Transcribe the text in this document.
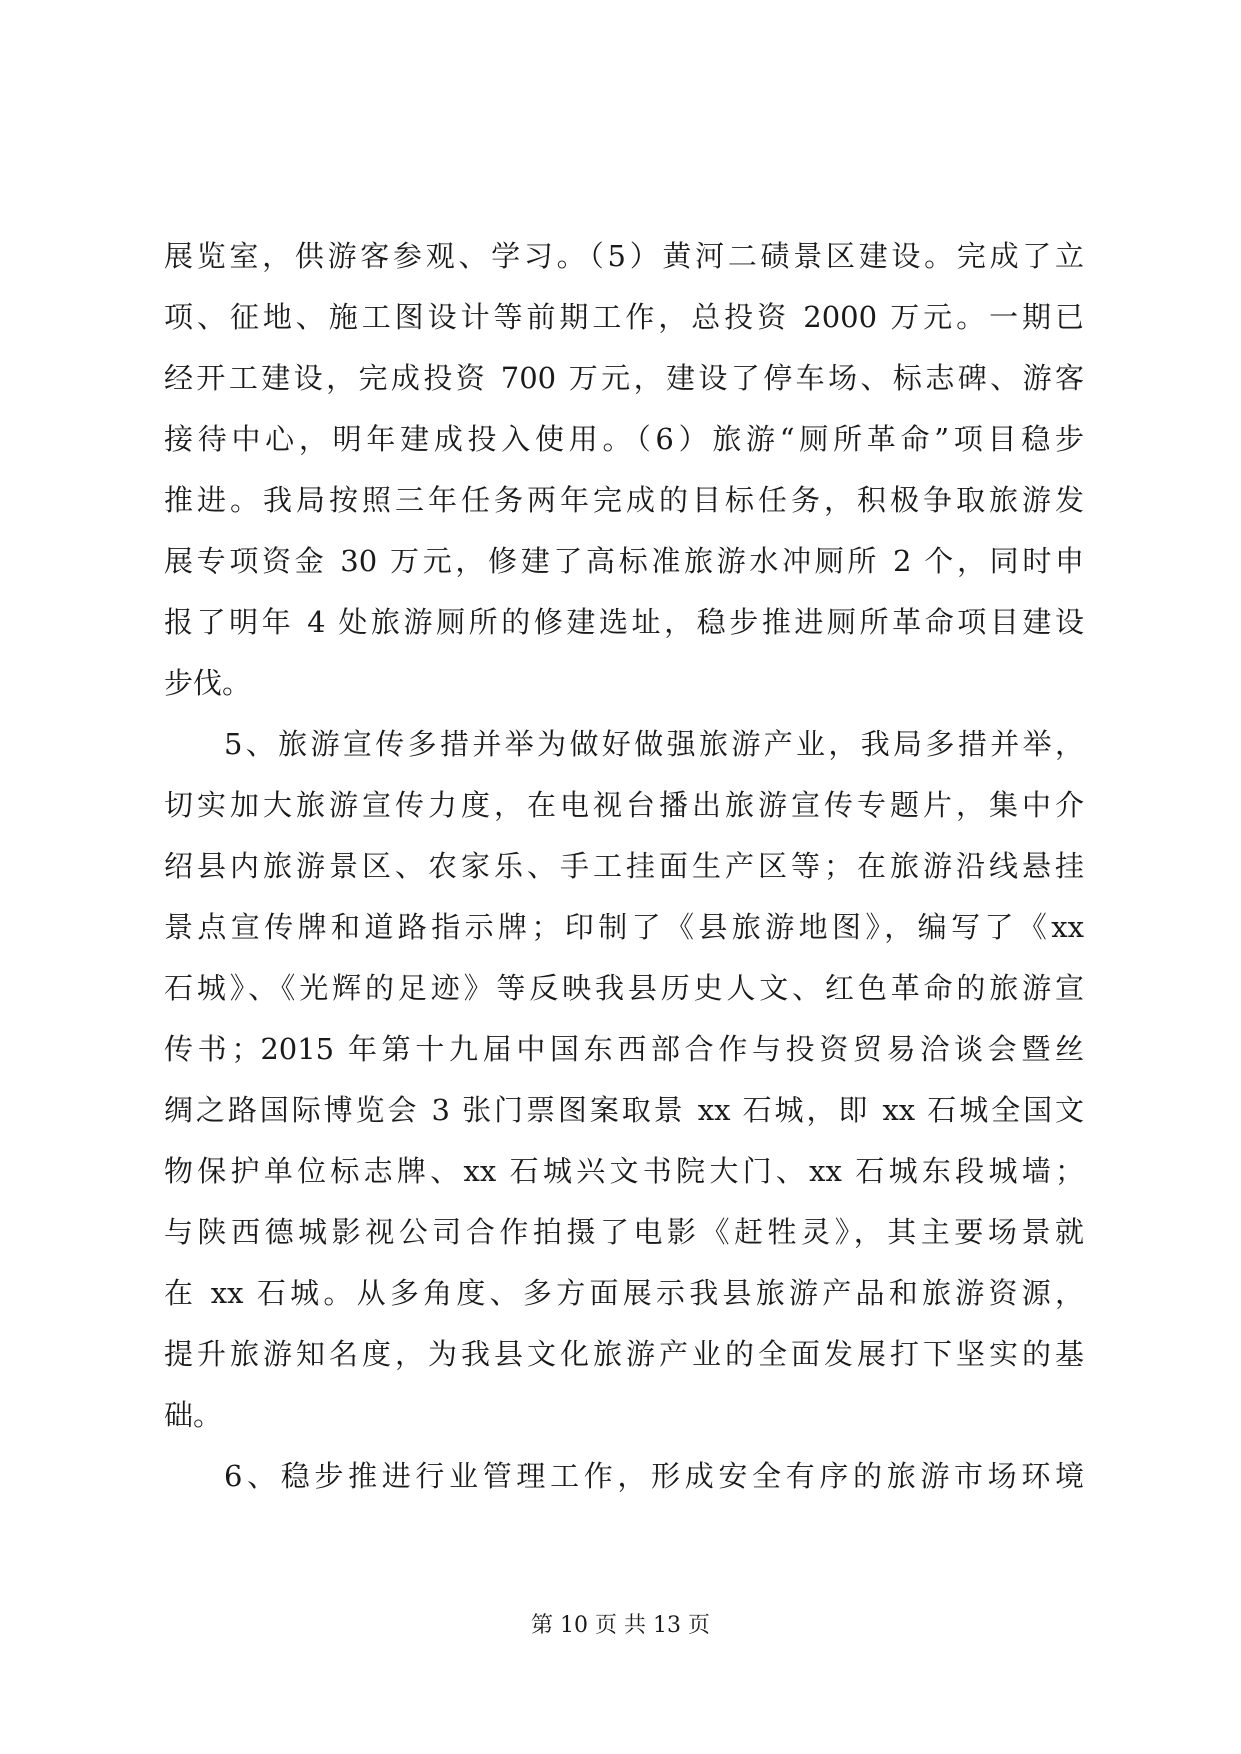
展览室，供游客参观、学习。（5）黄河二碛景区建设。完成了立
项、征地、施工图设计等前期工作，总投资 2000 万元。一期已
经开工建设，完成投资 700 万元，建设了停车场、标志碑、游客
接待中心，明年建成投入使用。（6）旅游“厕所革命”项目稳步
推进。我局按照三年任务两年完成的目标任务，积极争取旅游发
展专项资金 30 万元，修建了高标准旅游水冲厕所 2 个，同时申
报了明年 4 处旅游厕所的修建选址，稳步推进厕所革命项目建设
步伐。
5、旅游宣传多措并举为做好做强旅游产业，我局多措并举，
切实加大旅游宣传力度，在电视台播出旅游宣传专题片，集中介
绍县内旅游景区、农家乐、手工挂面生产区等；在旅游沿线悬挂
景点宣传牌和道路指示牌；印制了《县旅游地图》，编写了《xx
石城》、《光辉的足迹》等反映我县历史人文、红色革命的旅游宣
传书；2015 年第十九届中国东西部合作与投资贸易洽谈会暨丝
绸之路国际博览会 3 张门票图案取景 xx 石城，即 xx 石城全国文
物保护单位标志牌、xx 石城兴文书院大门、xx 石城东段城墙；
与陕西德城影视公司合作拍摄了电影《赶牲灵》，其主要场景就
在 xx 石城。从多角度、多方面展示我县旅游产品和旅游资源，
提升旅游知名度，为我县文化旅游产业的全面发展打下坚实的基
础。
6、稳步推进行业管理工作，形成安全有序的旅游市场环境
第 10 页 共 13 页
